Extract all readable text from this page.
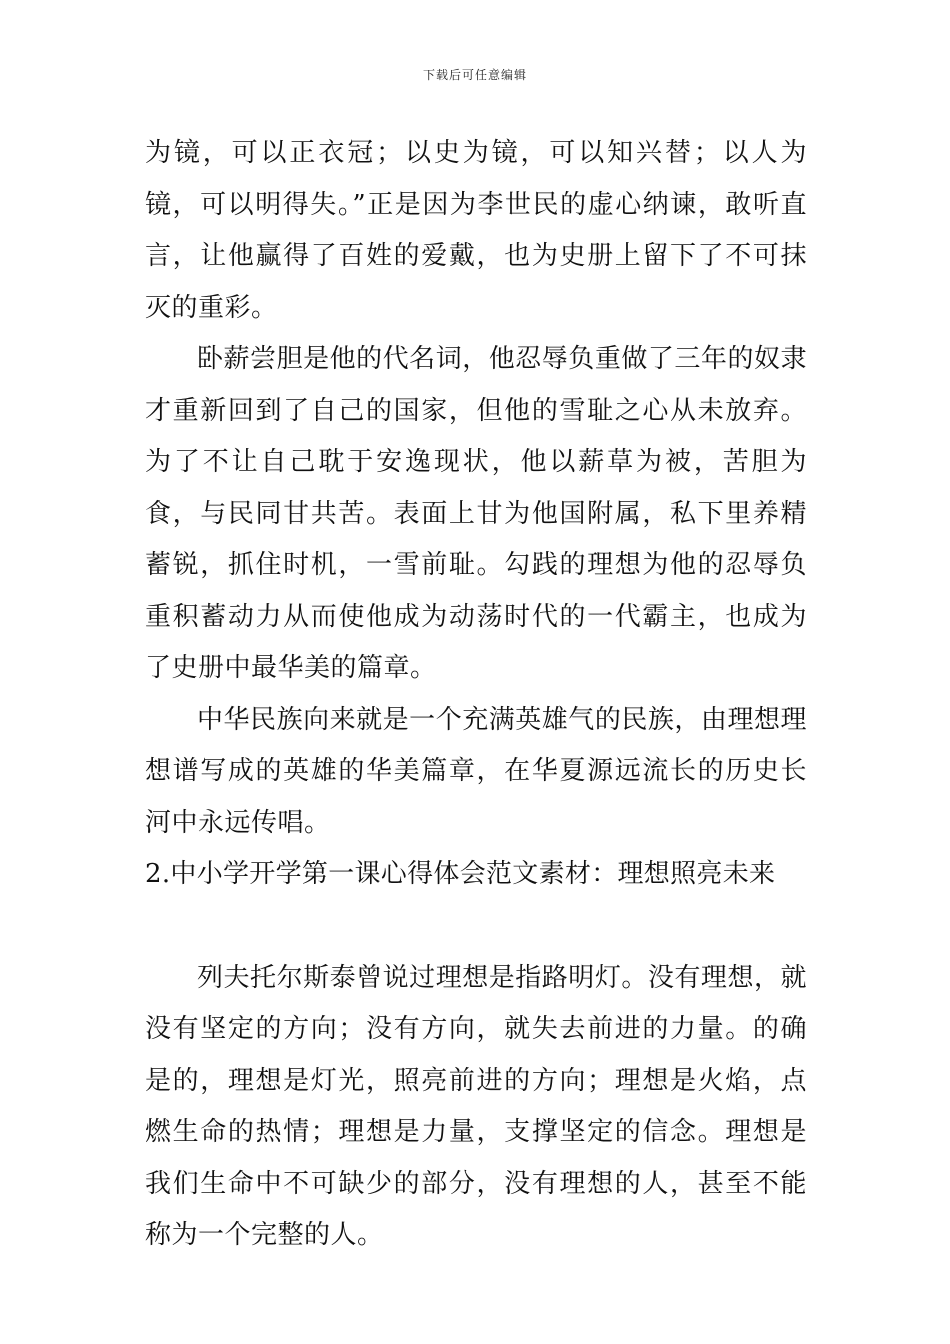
下载后可任意编辑

为镜，可以正衣冠；以史为镜，可以知兴替；以人为镜，可以明得失。”正是因为李世民的虚心纳谏，敢听直言，让他赢得了百姓的爱戴，也为史册上留下了不可抹灭的重彩。

卧薪尝胆是他的代名词，他忍辱负重做了三年的奴隶才重新回到了自己的国家，但他的雪耻之心从未放弃。为了不让自己耽于安逸现状，他以薪草为被，苦胆为食，与民同甘共苦。表面上甘为他国附属，私下里养精蓄锐，抓住时机，一雪前耻。勾践的理想为他的忍辱负重积蓄动力从而使他成为动荡时代的一代霸主，也成为了史册中最华美的篇章。

中华民族向来就是一个充满英雄气的民族，由理想理想谱写成的英雄的华美篇章，在华夏源远流长的历史长河中永远传唱。

2.中小学开学第一课心得体会范文素材：理想照亮未来

列夫托尔斯泰曾说过理想是指路明灯。没有理想，就没有坚定的方向；没有方向，就失去前进的力量。的确是的，理想是灯光，照亮前进的方向；理想是火焰，点燃生命的热情；理想是力量，支撑坚定的信念。理想是我们生命中不可缺少的部分，没有理想的人，甚至不能称为一个完整的人。
